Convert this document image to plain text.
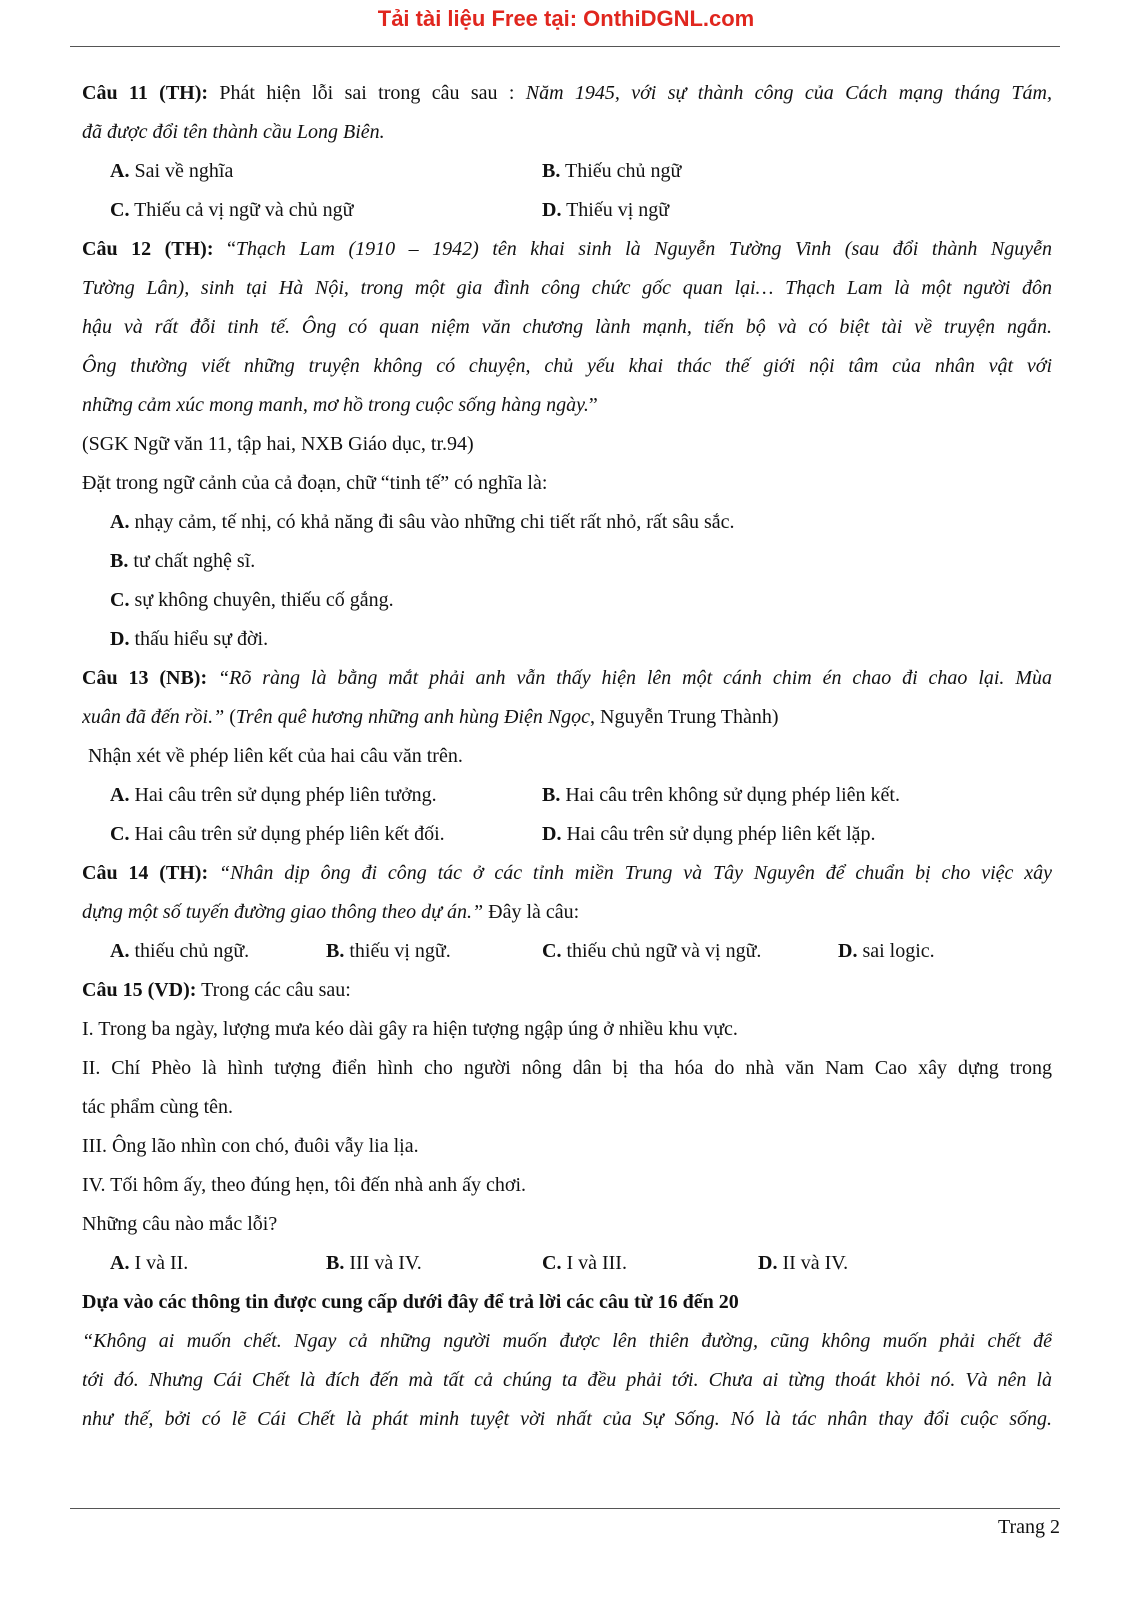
Tải tài liệu Free tại: OnthiDGNL.com
Câu 11 (TH): Phát hiện lỗi sai trong câu sau : Năm 1945, với sự thành công của Cách mạng tháng Tám,
đã được đổi tên thành cầu Long Biên.
A. Sai về nghĩa	B. Thiếu chủ ngữ
C. Thiếu cả vị ngữ và chủ ngữ	D. Thiếu vị ngữ
Câu 12 (TH): “Thạch Lam (1910 – 1942) tên khai sinh là Nguyễn Tường Vinh (sau đổi thành Nguyễn
Tường Lân), sinh tại Hà Nội, trong một gia đình công chức gốc quan lại… Thạch Lam là một người đôn
hậu và rất đỗi tinh tế. Ông có quan niệm văn chương lành mạnh, tiến bộ và có biệt tài về truyện ngắn.
Ông thường viết những truyện không có chuyện, chủ yếu khai thác thế giới nội tâm của nhân vật với
những cảm xúc mong manh, mơ hồ trong cuộc sống hàng ngày.”
(SGK Ngữ văn 11, tập hai, NXB Giáo dục, tr.94)
Đặt trong ngữ cảnh của cả đoạn, chữ “tinh tế” có nghĩa là:
A. nhạy cảm, tế nhị, có khả năng đi sâu vào những chi tiết rất nhỏ, rất sâu sắc.
B. tư chất nghệ sĩ.
C. sự không chuyên, thiếu cố gắng.
D. thấu hiểu sự đời.
Câu 13 (NB): “Rõ ràng là bằng mắt phải anh vẫn thấy hiện lên một cánh chim én chao đi chao lại. Mùa
xuân đã đến rồi.” (Trên quê hương những anh hùng Điện Ngọc, Nguyễn Trung Thành)
Nhận xét về phép liên kết của hai câu văn trên.
A. Hai câu trên sử dụng phép liên tưởng.	B. Hai câu trên không sử dụng phép liên kết.
C. Hai câu trên sử dụng phép liên kết đối.	D. Hai câu trên sử dụng phép liên kết lặp.
Câu 14 (TH): “Nhân dịp ông đi công tác ở các tỉnh miền Trung và Tây Nguyên để chuẩn bị cho việc xây
dựng một số tuyến đường giao thông theo dự án.” Đây là câu:
A. thiếu chủ ngữ.	B. thiếu vị ngữ.	C. thiếu chủ ngữ và vị ngữ.	D. sai logic.
Câu 15 (VD): Trong các câu sau:
I. Trong ba ngày, lượng mưa kéo dài gây ra hiện tượng ngập úng ở nhiều khu vực.
II. Chí Phèo là hình tượng điển hình cho người nông dân bị tha hóa do nhà văn Nam Cao xây dựng trong
tác phẩm cùng tên.
III. Ông lão nhìn con chó, đuôi vẫy lia lịa.
IV. Tối hôm ấy, theo đúng hẹn, tôi đến nhà anh ấy chơi.
Những câu nào mắc lỗi?
A. I và II.	B. III và IV.	C. I và III.	D. II và IV.
Dựa vào các thông tin được cung cấp dưới đây để trả lời các câu từ 16 đến 20
“Không ai muốn chết. Ngay cả những người muốn được lên thiên đường, cũng không muốn phải chết để
tới đó. Nhưng Cái Chết là đích đến mà tất cả chúng ta đều phải tới. Chưa ai từng thoát khỏi nó. Và nên là
như thế, bởi có lẽ Cái Chết là phát minh tuyệt vời nhất của Sự Sống. Nó là tác nhân thay đổi cuộc sống.
Trang 2
